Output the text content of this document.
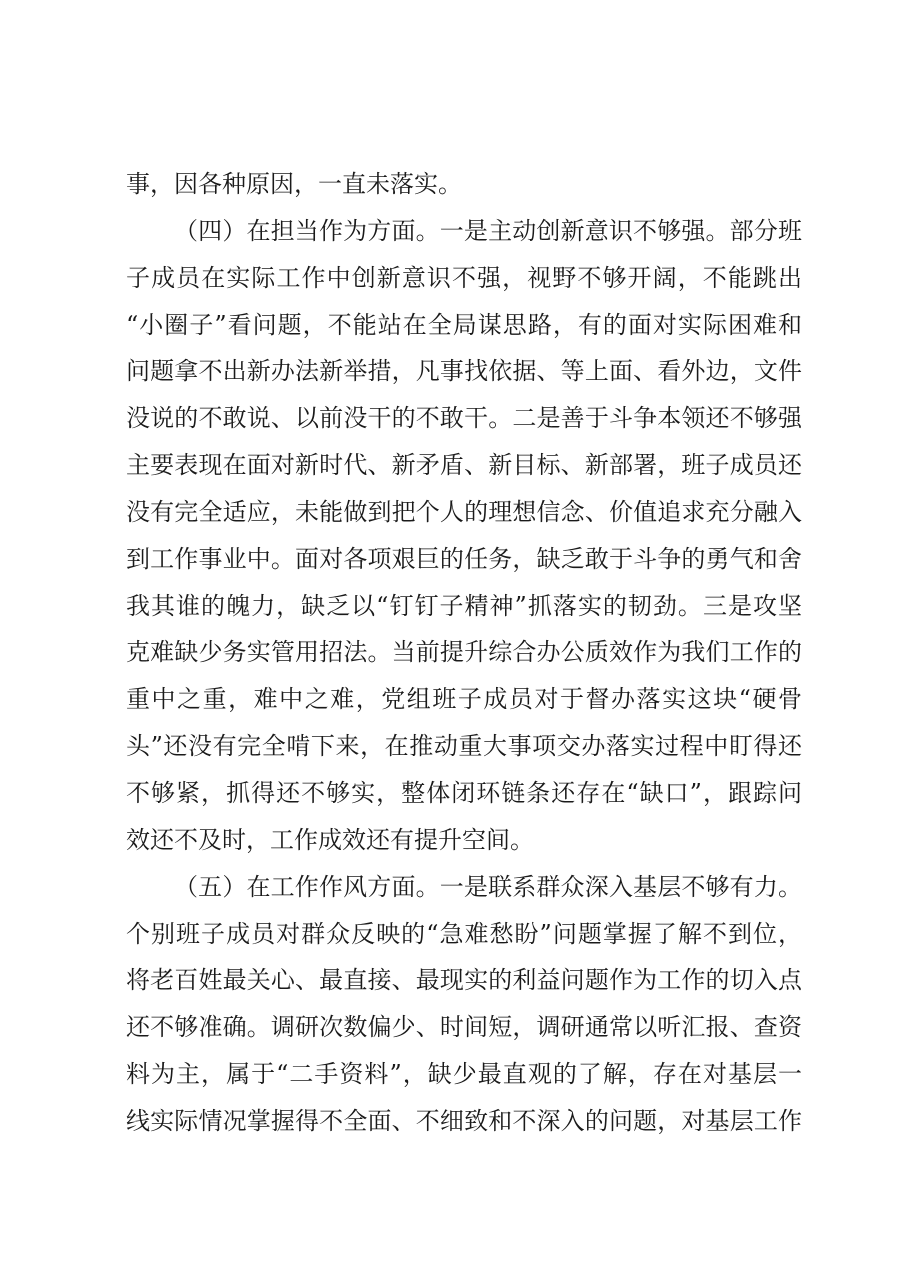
事，因各种原因，一直未落实。
（四）在担当作为方面。一是主动创新意识不够强。部分班
子成员在实际工作中创新意识不强，视野不够开阔，不能跳出
“小圈子”看问题，不能站在全局谋思路，有的面对实际困难和
问题拿不出新办法新举措，凡事找依据、等上面、看外边，文件
没说的不敢说、以前没干的不敢干。二是善于斗争本领还不够强
主要表现在面对新时代、新矛盾、新目标、新部署，班子成员还
没有完全适应，未能做到把个人的理想信念、价值追求充分融入
到工作事业中。面对各项艰巨的任务，缺乏敢于斗争的勇气和舍
我其谁的魄力，缺乏以“钉钉子精神”抓落实的韧劲。三是攻坚
克难缺少务实管用招法。当前提升综合办公质效作为我们工作的
重中之重，难中之难，党组班子成员对于督办落实这块“硬骨
头”还没有完全啃下来，在推动重大事项交办落实过程中盯得还
不够紧，抓得还不够实，整体闭环链条还存在“缺口”，跟踪问
效还不及时，工作成效还有提升空间。
（五）在工作作风方面。一是联系群众深入基层不够有力。
个别班子成员对群众反映的“急难愁盼”问题掌握了解不到位，
将老百姓最关心、最直接、最现实的利益问题作为工作的切入点
还不够准确。调研次数偏少、时间短，调研通常以听汇报、查资
料为主，属于“二手资料”，缺少最直观的了解，存在对基层一
线实际情况掌握得不全面、不细致和不深入的问题，对基层工作
